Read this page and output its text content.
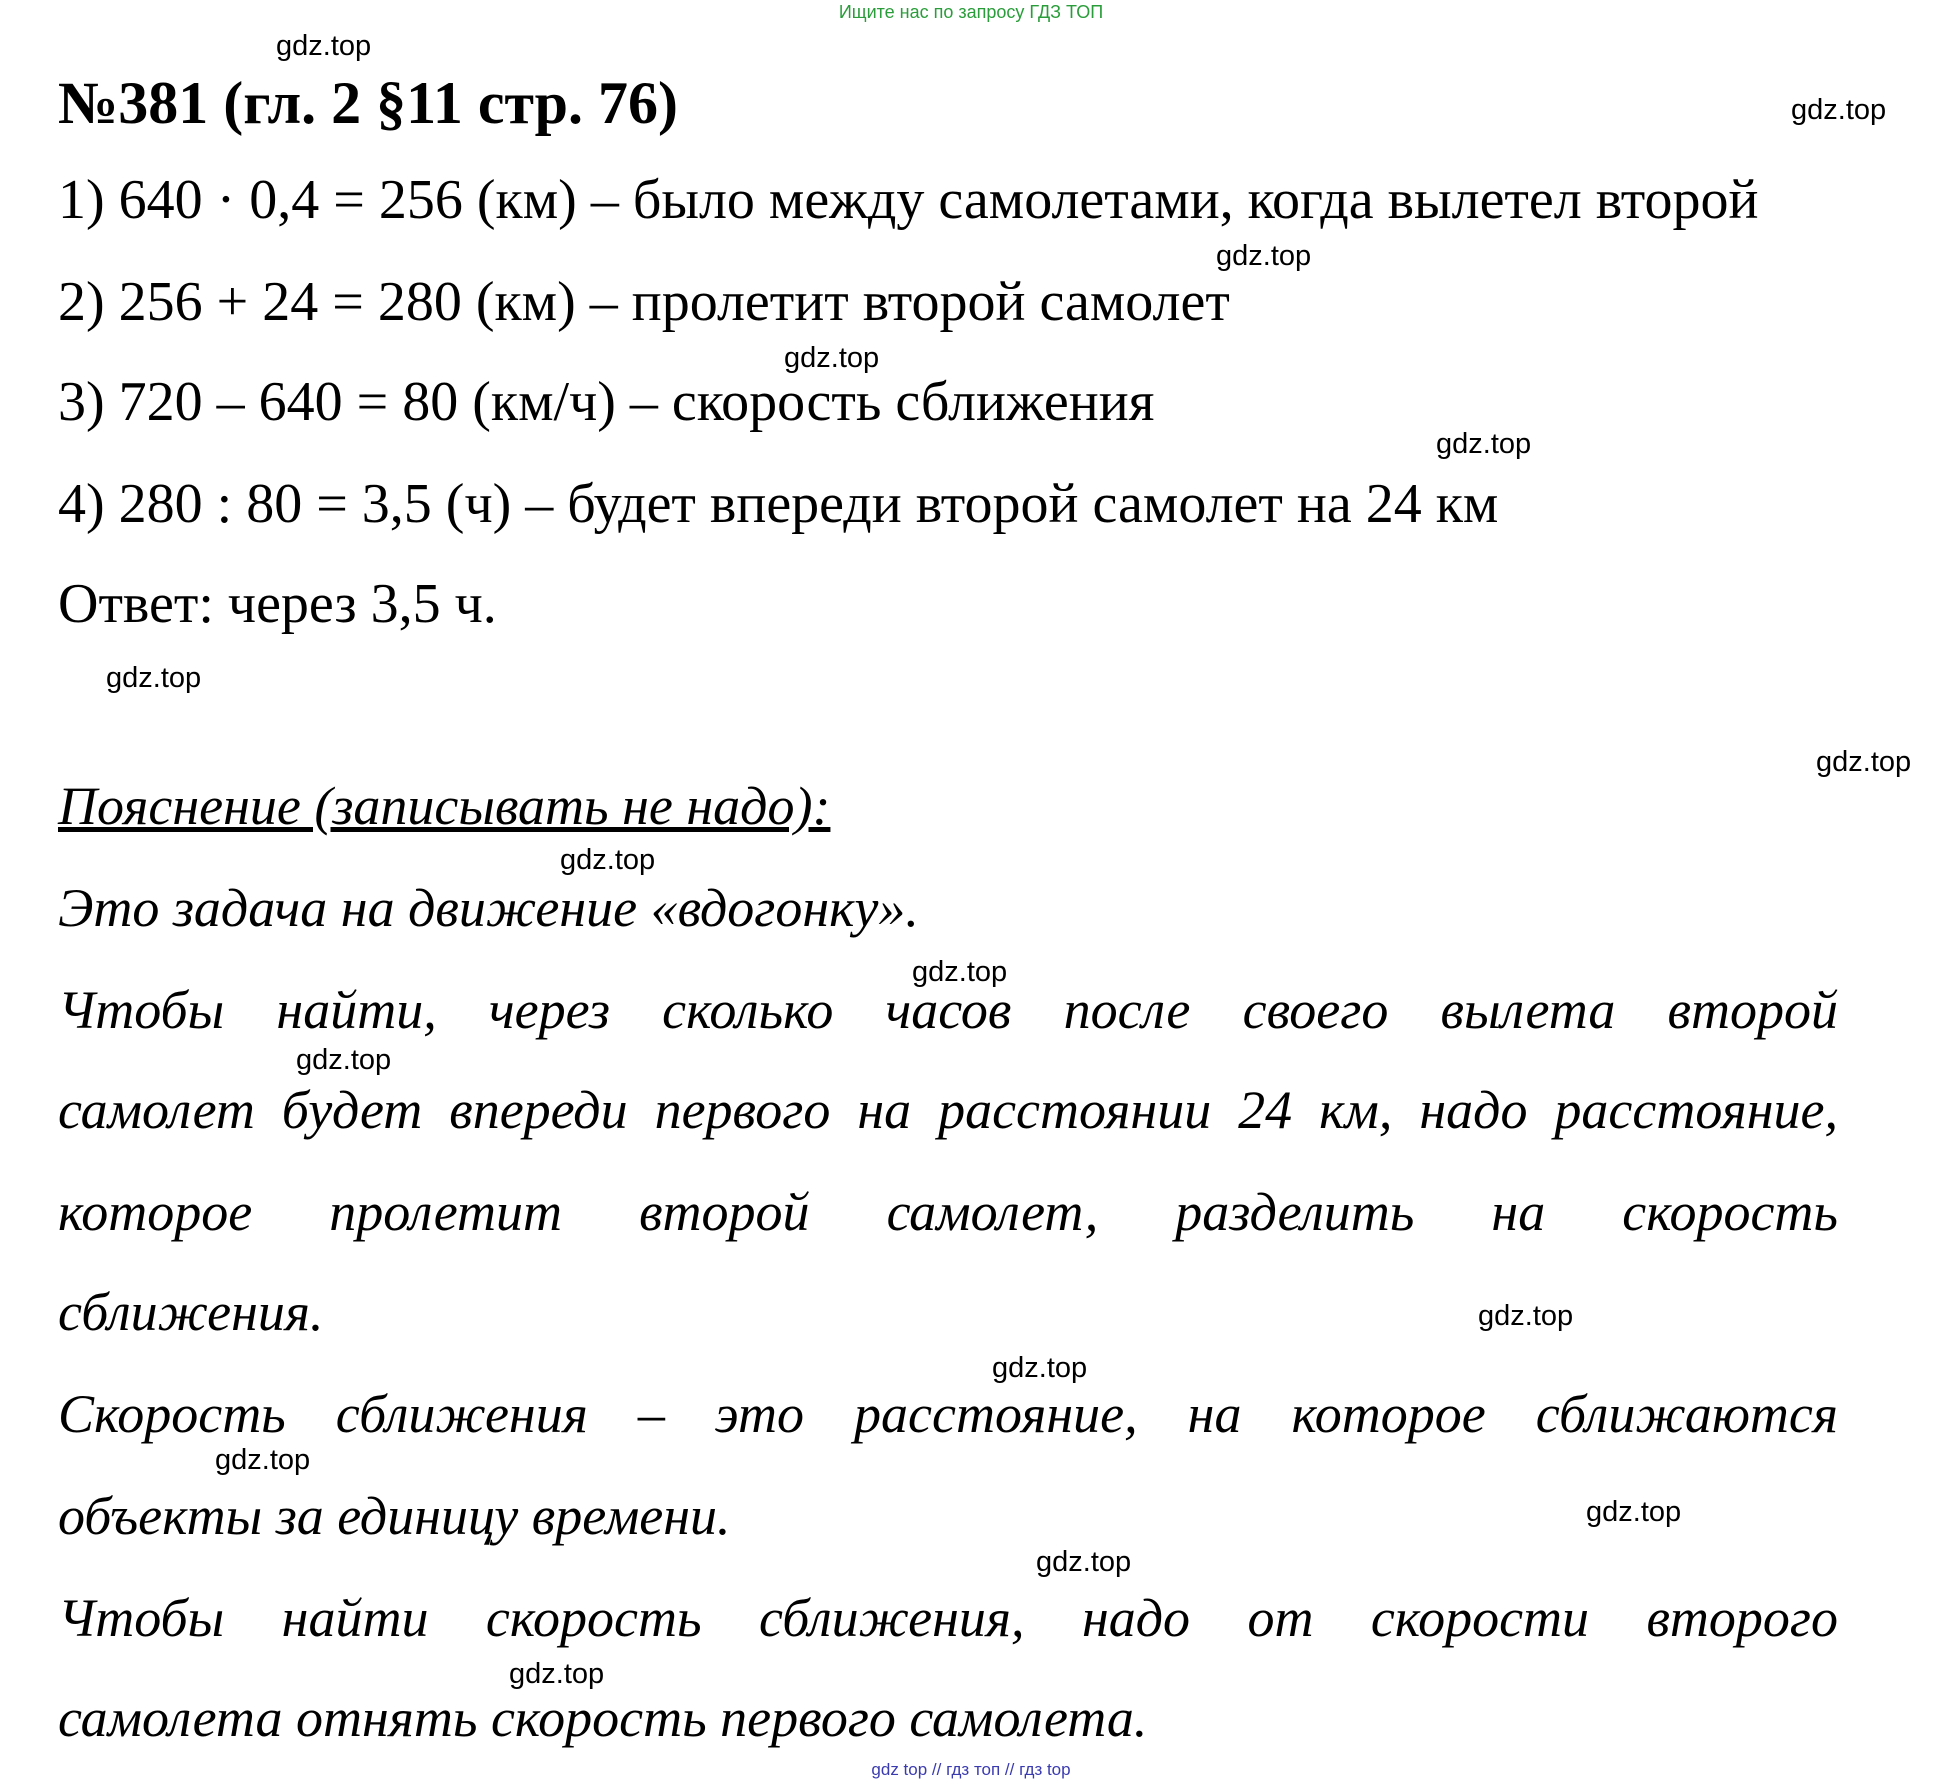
Ищите нас по запросу ГДЗ ТОП
№381 (гл. 2 §11 стр. 76)
1) 640 · 0,4 = 256 (км) – было между самолетами, когда вылетел второй
2) 256 + 24 = 280 (км) – пролетит второй самолет
3) 720 – 640 = 80 (км/ч) – скорость сближения
4) 280 : 80 = 3,5 (ч) – будет впереди второй самолет на 24 км
Ответ: через 3,5 ч.
Пояснение (записывать не надо):
Это задача на движение «вдогонку».
Чтобы найти, через сколько часов после своего вылета второй
самолет будет впереди первого на расстоянии 24 км, надо расстояние,
которое пролетит второй самолет, разделить на скорость
сближения.
Скорость сближения – это расстояние, на которое сближаются
объекты за единицу времени.
Чтобы найти скорость сближения, надо от скорости второго
самолета отнять скорость первого самолета.
gdz.top
gdz.top
gdz.top
gdz.top
gdz.top
gdz.top
gdz.top
gdz.top
gdz.top
gdz.top
gdz.top
gdz.top
gdz.top
gdz.top
gdz.top
gdz.top
gdz top // гдз топ // гдз top
